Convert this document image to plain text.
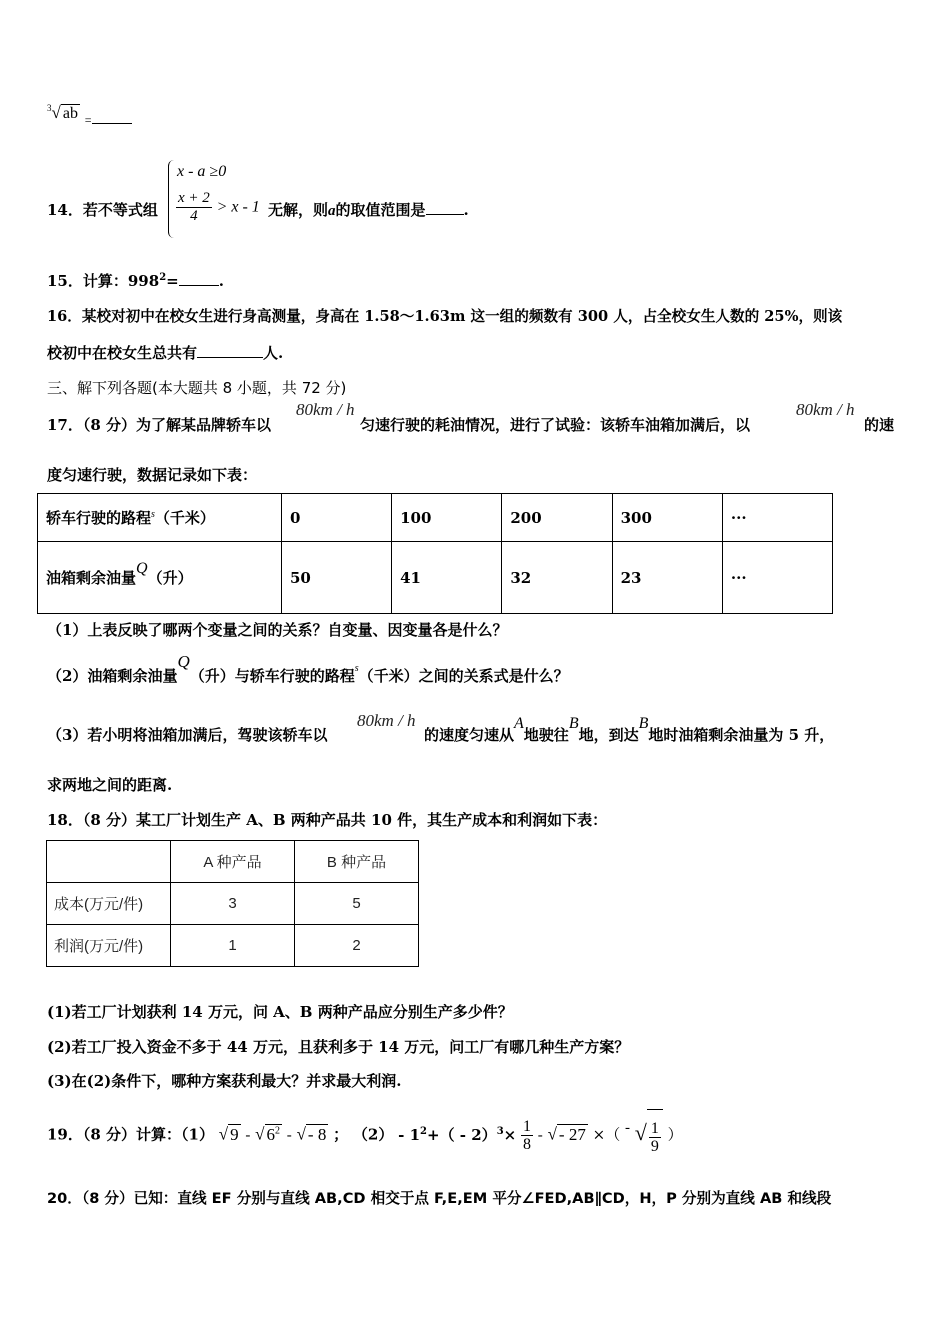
$^3$√ ab $_=$
14．若不等式组
x - a ≥0
$\frac{x + 2}{4} > x - 1$ 无解，则a的取值范围是	.
15．计算：$998^2=$	.
16．某校对初中在校女生进行身高测量，身高在 1.58～1.63m 这一组的频数有 300 人，占全校女生人数的 25%，则该
校初中在校女生总共有	人.
三、解下列各题(本大题共 8 小题，共 72 分)
17．（8 分）为了解某品牌轿车以
80km / h
匀速行驶的耗油情况，进行了试验：该轿车油箱加满后，以
80km / h
的速
度匀速行驶，数据记录如下表：
轿车行驶的路程$^s$（千米）	0	100	200	300	···
油箱剩余油量Q（升）	50	41	32	23	···
（1）上表反映了哪两个变量之间的关系？自变量、因变量各是什么？
（2）油箱剩余油量Q（升）与轿车行驶的路程$^s$（千米）之间的关系式是什么？
（3）若小明将油箱加满后，驾驶该轿车以
80km / h
的速度匀速从A地驶往B地，到达B地时油箱剩余油量为 5 升，
求两地之间的距离.
18．（8 分）某工厂计划生产 A、B 两种产品共 10 件，其生产成本和利润如下表：
	A 种产品	B 种产品
成本(万元/件)	3	5
利润(万元/件)	1	2
(1)若工厂计划获利 14 万元，问 A、B 两种产品应分别生产多少件？
(2)若工厂投入资金不多于 44 万元，且获利多于 14 万元，问工厂有哪几种生产方案？
(3)在(2)条件下，哪种方案获利最大？并求最大利润.
19．（8 分）计算：（1） √ 9 - √ $6^2$ - √ - 8 ； $(2) - 1^2+( - 2)^3\times \frac{1}{8}$ - √ - 27 ×（ - √ $\frac{1}{9}$ ）
20．（8 分）已知：直线 EF 分别与直线 AB,CD 相交于点 F,E,EM 平分∠FED,AB∥CD，H，P 分别为直线 AB 和线段
